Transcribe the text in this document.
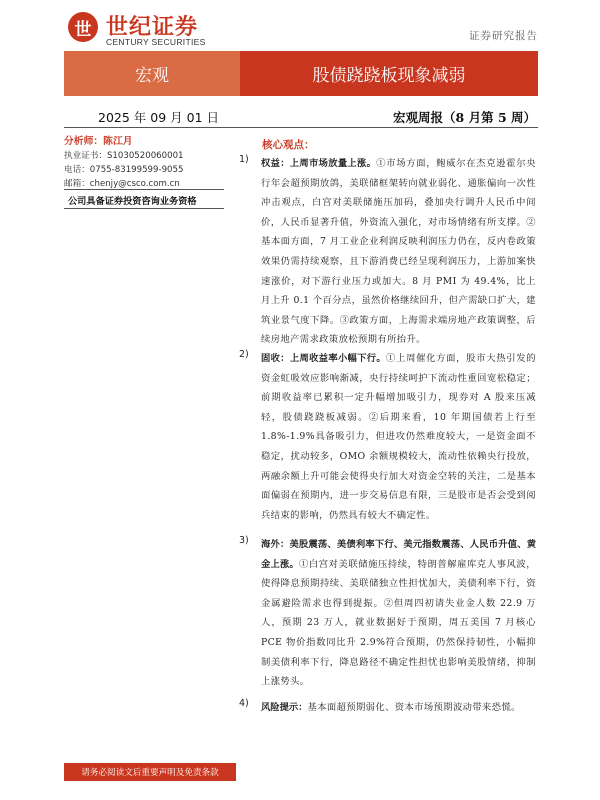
世 世纪证券
CENTURY SECURITIES	证券研究报告
宏观	股债跷跷板现象减弱
2025 年 09 月 01 日	宏观周报（8 月第 5 周）
分析师：陈江月
执业证书：S1030520060001
电话：0755-83199599-9055
邮箱：chenjy@csco.com.cn
公司具备证券投资咨询业务资格
核心观点：
1) 权益：上周市场放量上涨。①市场方面，鲍威尔在杰克逊霍尔央行年会超预期放鸽，美联储框架转向就业弱化、通胀偏向一次性冲击观点，白宫对美联储施压加码，叠加央行调升人民币中间价，人民币显著升值，外资流入强化，对市场情绪有所支撑。②基本面方面，7 月工业企业利润反映利润压力仍在，反内卷政策效果仍需持续观察，且下游消费已经呈现利润压力，上游加案快速涨价，对下游行业压力或加大。8 月 PMI 为 49.4%，比上月上升 0.1 个百分点，虽然价格继续回升，但产需缺口扩大，建筑业景气度下降。③政策方面，上海需求端房地产政策调整，后续房地产需求政策放松预期有所抬升。
2) 固收：上周收益率小幅下行。①上周催化方面，股市大热引发的资金虹吸效应影响渐减，央行持续呵护下流动性重回宽松稳定；前期收益率已累积一定升幅增加吸引力，现券对 A 股来压减轻，股债跷跷板减弱。②后期来看，10 年期国债若上行至 1.8%-1.9%具备吸引力，但进攻仍然难度较大，一是资金面不稳定，扰动较多，OMO 余额规模较大，流动性依赖央行投放，两融余额上升可能会使得央行加大对资金空转的关注，二是基本面偏弱在预期内，进一步交易信息有限，三是股市是否会受到阅兵结束的影响，仍然具有较大不确定性。
3) 海外：美股震荡、美债利率下行、美元指数震荡、人民币升值、黄金上涨。①白宫对美联储施压持续，特朗普解雇库克人事风波，使得降息预期持续、美联储独立性担忧加大，美债利率下行，资金属避险需求也得到提振。②但周四初请失业金人数 22.9 万人，预期 23 万人，就业数据好于预期，周五美国 7 月核心 PCE 物价指数同比升 2.9%符合预期，仍然保持韧性，小幅抑制美债利率下行，降息路径不确定性担忧也影响美股情绪，抑制上涨势头。
4) 风险提示：基本面超预期弱化、资本市场预期波动带来恐慌。
请务必阅读文后重要声明及免责条款
